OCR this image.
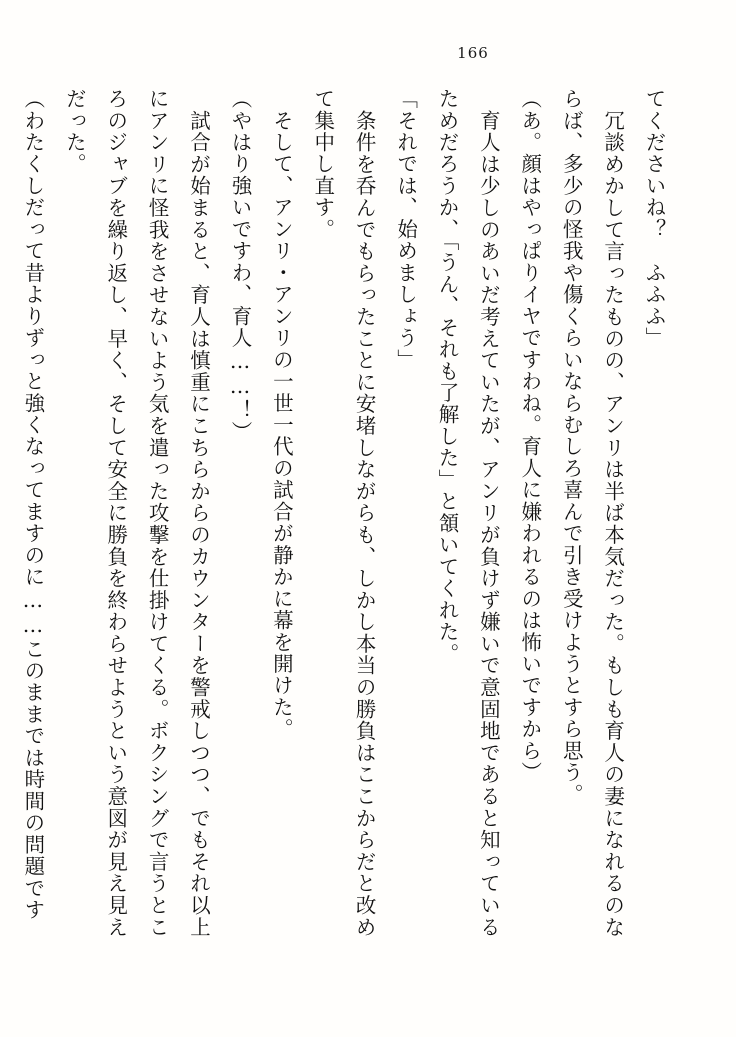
166

てくださいね？　ふふふ」

　冗談めかして言ったものの、アンリは半ば本気だった。もしも育人の妻になれるのならば、多少の怪我や傷くらいならむしろ喜んで引き受けようとすら思う。

（あ。顔はやっぱりイヤですわね。育人に嫌われるのは怖いですから）

　育人は少しのあいだ考えていたが、アンリが負けず嫌いで意固地であると知っているためだろうか、「うん、それも了解した」と頷いてくれた。

「それでは、始めましょう」

　条件を呑んでもらったことに安堵しながらも、しかし本当の勝負はここからだと改めて集中し直す。

　そして、アンリ・アンリの一世一代の試合が静かに幕を開けた。

（やはり強いですわ、育人……！）

　試合が始まると、育人は慎重にこちらからのカウンターを警戒しつつ、でもそれ以上にアンリに怪我をさせないよう気を遣った攻撃を仕掛けてくる。ボクシングで言うところのジャブを繰り返し、早く、そして安全に勝負を終わらせようという意図が見え見えだった。

（わたくしだって昔よりずっと強くなってますのに……このままでは時間の問題です
